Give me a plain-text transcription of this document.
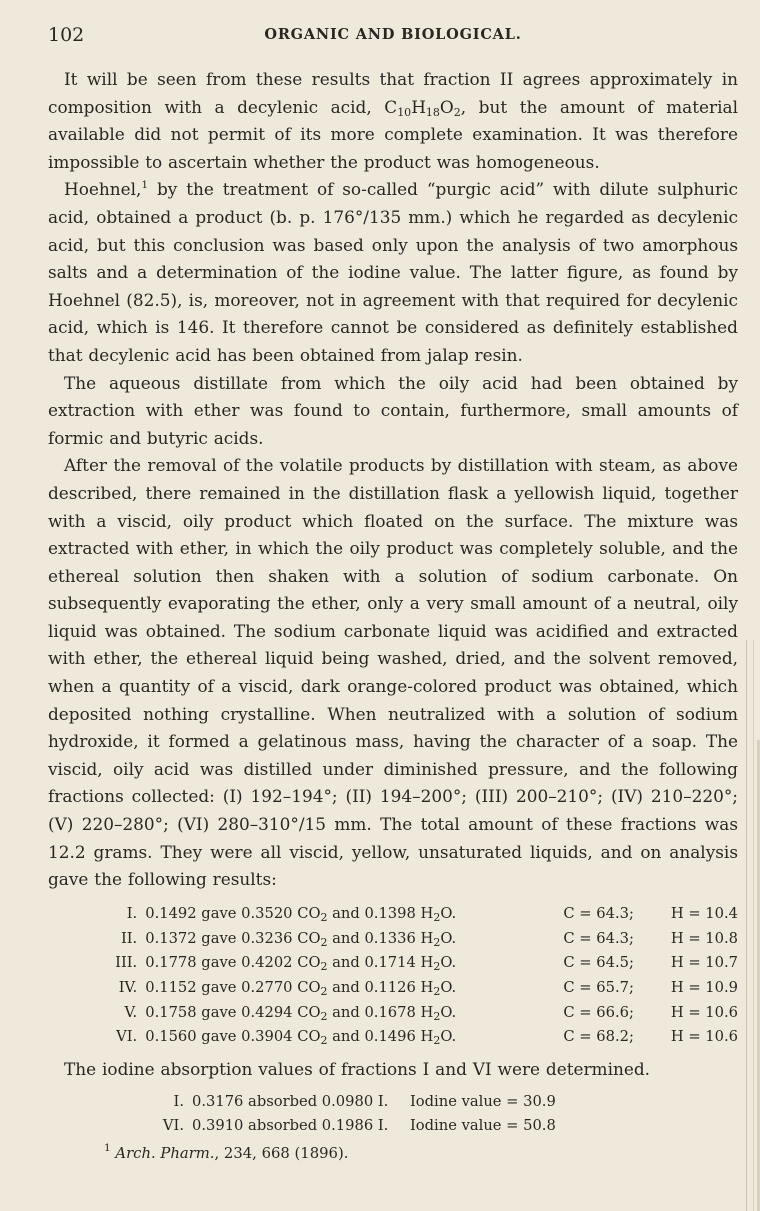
102	ORGANIC AND BIOLOGICAL.

It will be seen from these results that fraction II agrees approximately in composition with a decylenic acid, $C_{10}H_{18}O_2$, but the amount of material available did not permit of its more complete examination. It was therefore impossible to ascertain whether the product was homogeneous.

Hoehnel,$^1$ by the treatment of so-called “purgic acid” with dilute sulphuric acid, obtained a product (b. p. 176°/135 mm.) which he regarded as decylenic acid, but this conclusion was based only upon the analysis of two amorphous salts and a determination of the iodine value. The latter figure, as found by Hoehnel (82.5), is, moreover, not in agreement with that required for decylenic acid, which is 146. It therefore cannot be considered as definitely established that decylenic acid has been obtained from jalap resin.

The aqueous distillate from which the oily acid had been obtained by extraction with ether was found to contain, furthermore, small amounts of formic and butyric acids.

After the removal of the volatile products by distillation with steam, as above described, there remained in the distillation flask a yellowish liquid, together with a viscid, oily product which floated on the surface. The mixture was extracted with ether, in which the oily product was completely soluble, and the ethereal solution then shaken with a solution of sodium carbonate. On subsequently evaporating the ether, only a very small amount of a neutral, oily liquid was obtained. The sodium carbonate liquid was acidified and extracted with ether, the ethereal liquid being washed, dried, and the solvent removed, when a quantity of a viscid, dark orange-colored product was obtained, which deposited nothing crystalline. When neutralized with a solution of sodium hydroxide, it formed a gelatinous mass, having the character of a soap. The viscid, oily acid was distilled under diminished pressure, and the following fractions collected: (I) 192–194°; (II) 194–200°; (III) 200–210°; (IV) 210–220°; (V) 220–280°; (VI) 280–310°/15 mm. The total amount of these fractions was 12.2 grams. They were all viscid, yellow, unsaturated liquids, and on analysis gave the following results:

I. 0.1492 gave 0.3520 $CO_2$ and 0.1398 $H_2O$.	C = 64.3;	H = 10.4
II. 0.1372 gave 0.3236 $CO_2$ and 0.1336 $H_2O$.	C = 64.3;	H = 10.8
III. 0.1778 gave 0.4202 $CO_2$ and 0.1714 $H_2O$.	C = 64.5;	H = 10.7
IV. 0.1152 gave 0.2770 $CO_2$ and 0.1126 $H_2O$.	C = 65.7;	H = 10.9
V. 0.1758 gave 0.4294 $CO_2$ and 0.1678 $H_2O$.	C = 66.6;	H = 10.6
VI. 0.1560 gave 0.3904 $CO_2$ and 0.1496 $H_2O$.	C = 68.2;	H = 10.6

The iodine absorption values of fractions I and VI were determined.

I. 0.3176 absorbed 0.0980 I.	Iodine value = 30.9
VI. 0.3910 absorbed 0.1986 I.	Iodine value = 50.8
$^1$ Arch. Pharm., 234, 668 (1896).
